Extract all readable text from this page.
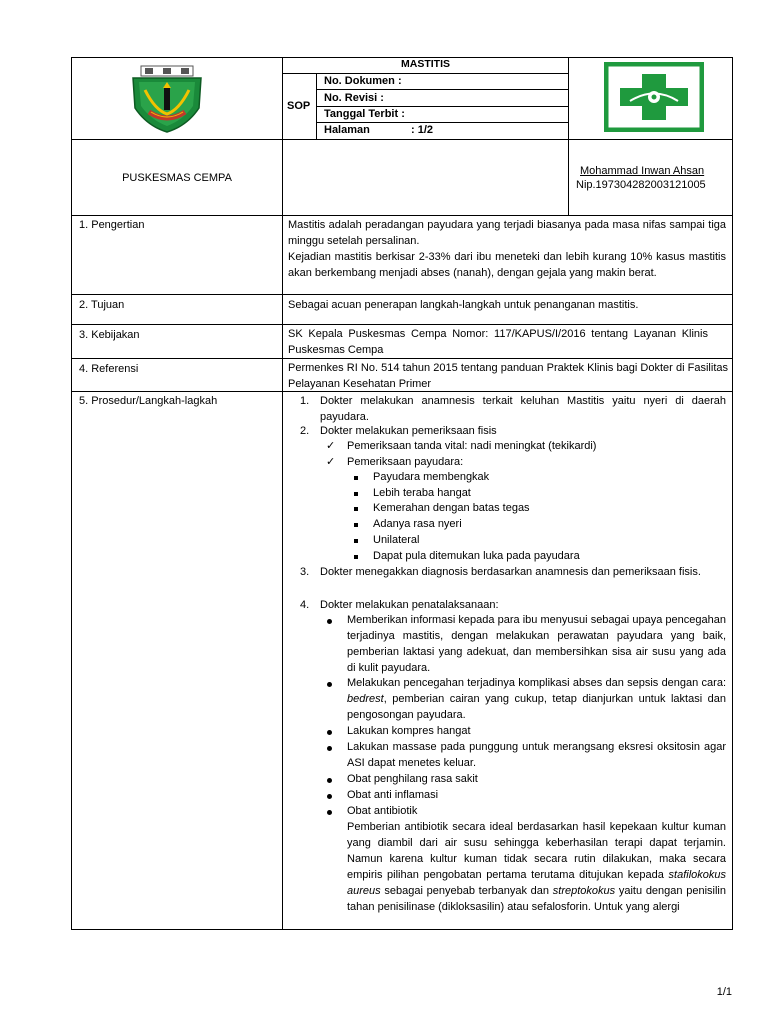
MASTITIS
SOP
No. Dokumen :
No. Revisi :
Tanggal Terbit :
Halaman	: 1/2
PUSKESMAS CEMPA
Mohammad Inwan Ahsan
Nip.197304282003121005
1. Pengertian
2. Tujuan
3. Kebijakan
4. Referensi
5. Prosedur/Langkah-lagkah
Mastitis adalah peradangan payudara yang terjadi biasanya pada masa nifas sampai tiga minggu setelah persalinan.
Kejadian mastitis berkisar 2-33% dari ibu meneteki dan lebih kurang 10% kasus mastitis akan berkembang menjadi abses (nanah), dengan gejala yang makin berat.
Sebagai acuan penerapan langkah-langkah untuk penanganan mastitis.
SK Kepala Puskesmas Cempa Nomor: 117/KAPUS/I/2016 tentang Layanan Klinis Puskesmas Cempa
Permenkes RI No. 514 tahun 2015 tentang panduan Praktek Klinis bagi Dokter di Fasilitas Pelayanan Kesehatan Primer
1. Dokter melakukan anamnesis terkait keluhan Mastitis yaitu nyeri di daerah payudara.
2. Dokter melakukan pemeriksaan fisis
✓
Pemeriksaan tanda vital: nadi meningkat (tekikardi)
✓
Pemeriksaan payudara:
Payudara membengkak
Lebih teraba hangat
Kemerahan dengan batas tegas
Adanya rasa nyeri
Unilateral
Dapat pula ditemukan luka pada payudara
3. Dokter menegakkan diagnosis berdasarkan anamnesis dan pemeriksaan fisis.
4. Dokter melakukan penatalaksanaan:
Memberikan informasi kepada para ibu menyusui sebagai upaya pencegahan terjadinya mastitis, dengan melakukan perawatan payudara yang baik, pemberian laktasi yang adekuat, dan membersihkan sisa air susu yang ada di kulit payudara.
Melakukan pencegahan terjadinya komplikasi abses dan sepsis dengan cara: bedrest, pemberian cairan yang cukup, tetap dianjurkan untuk laktasi dan pengosongan payudara.
Lakukan kompres hangat
Lakukan massase pada punggung untuk merangsang eksresi oksitosin agar ASI dapat menetes keluar.
Obat penghilang rasa sakit
Obat anti inflamasi
Obat antibiotik
Pemberian antibiotik secara ideal berdasarkan hasil kepekaan kultur kuman yang diambil dari air susu sehingga keberhasilan terapi dapat terjamin. Namun karena kultur kuman tidak secara rutin dilakukan, maka secara empiris pilihan pengobatan pertama terutama ditujukan kepada stafilokokus aureus sebagai penyebab terbanyak dan streptokokus yaitu dengan penisilin tahan penisilinase (dikloksasilin) atau sefalosforin. Untuk yang alergi
1/1
